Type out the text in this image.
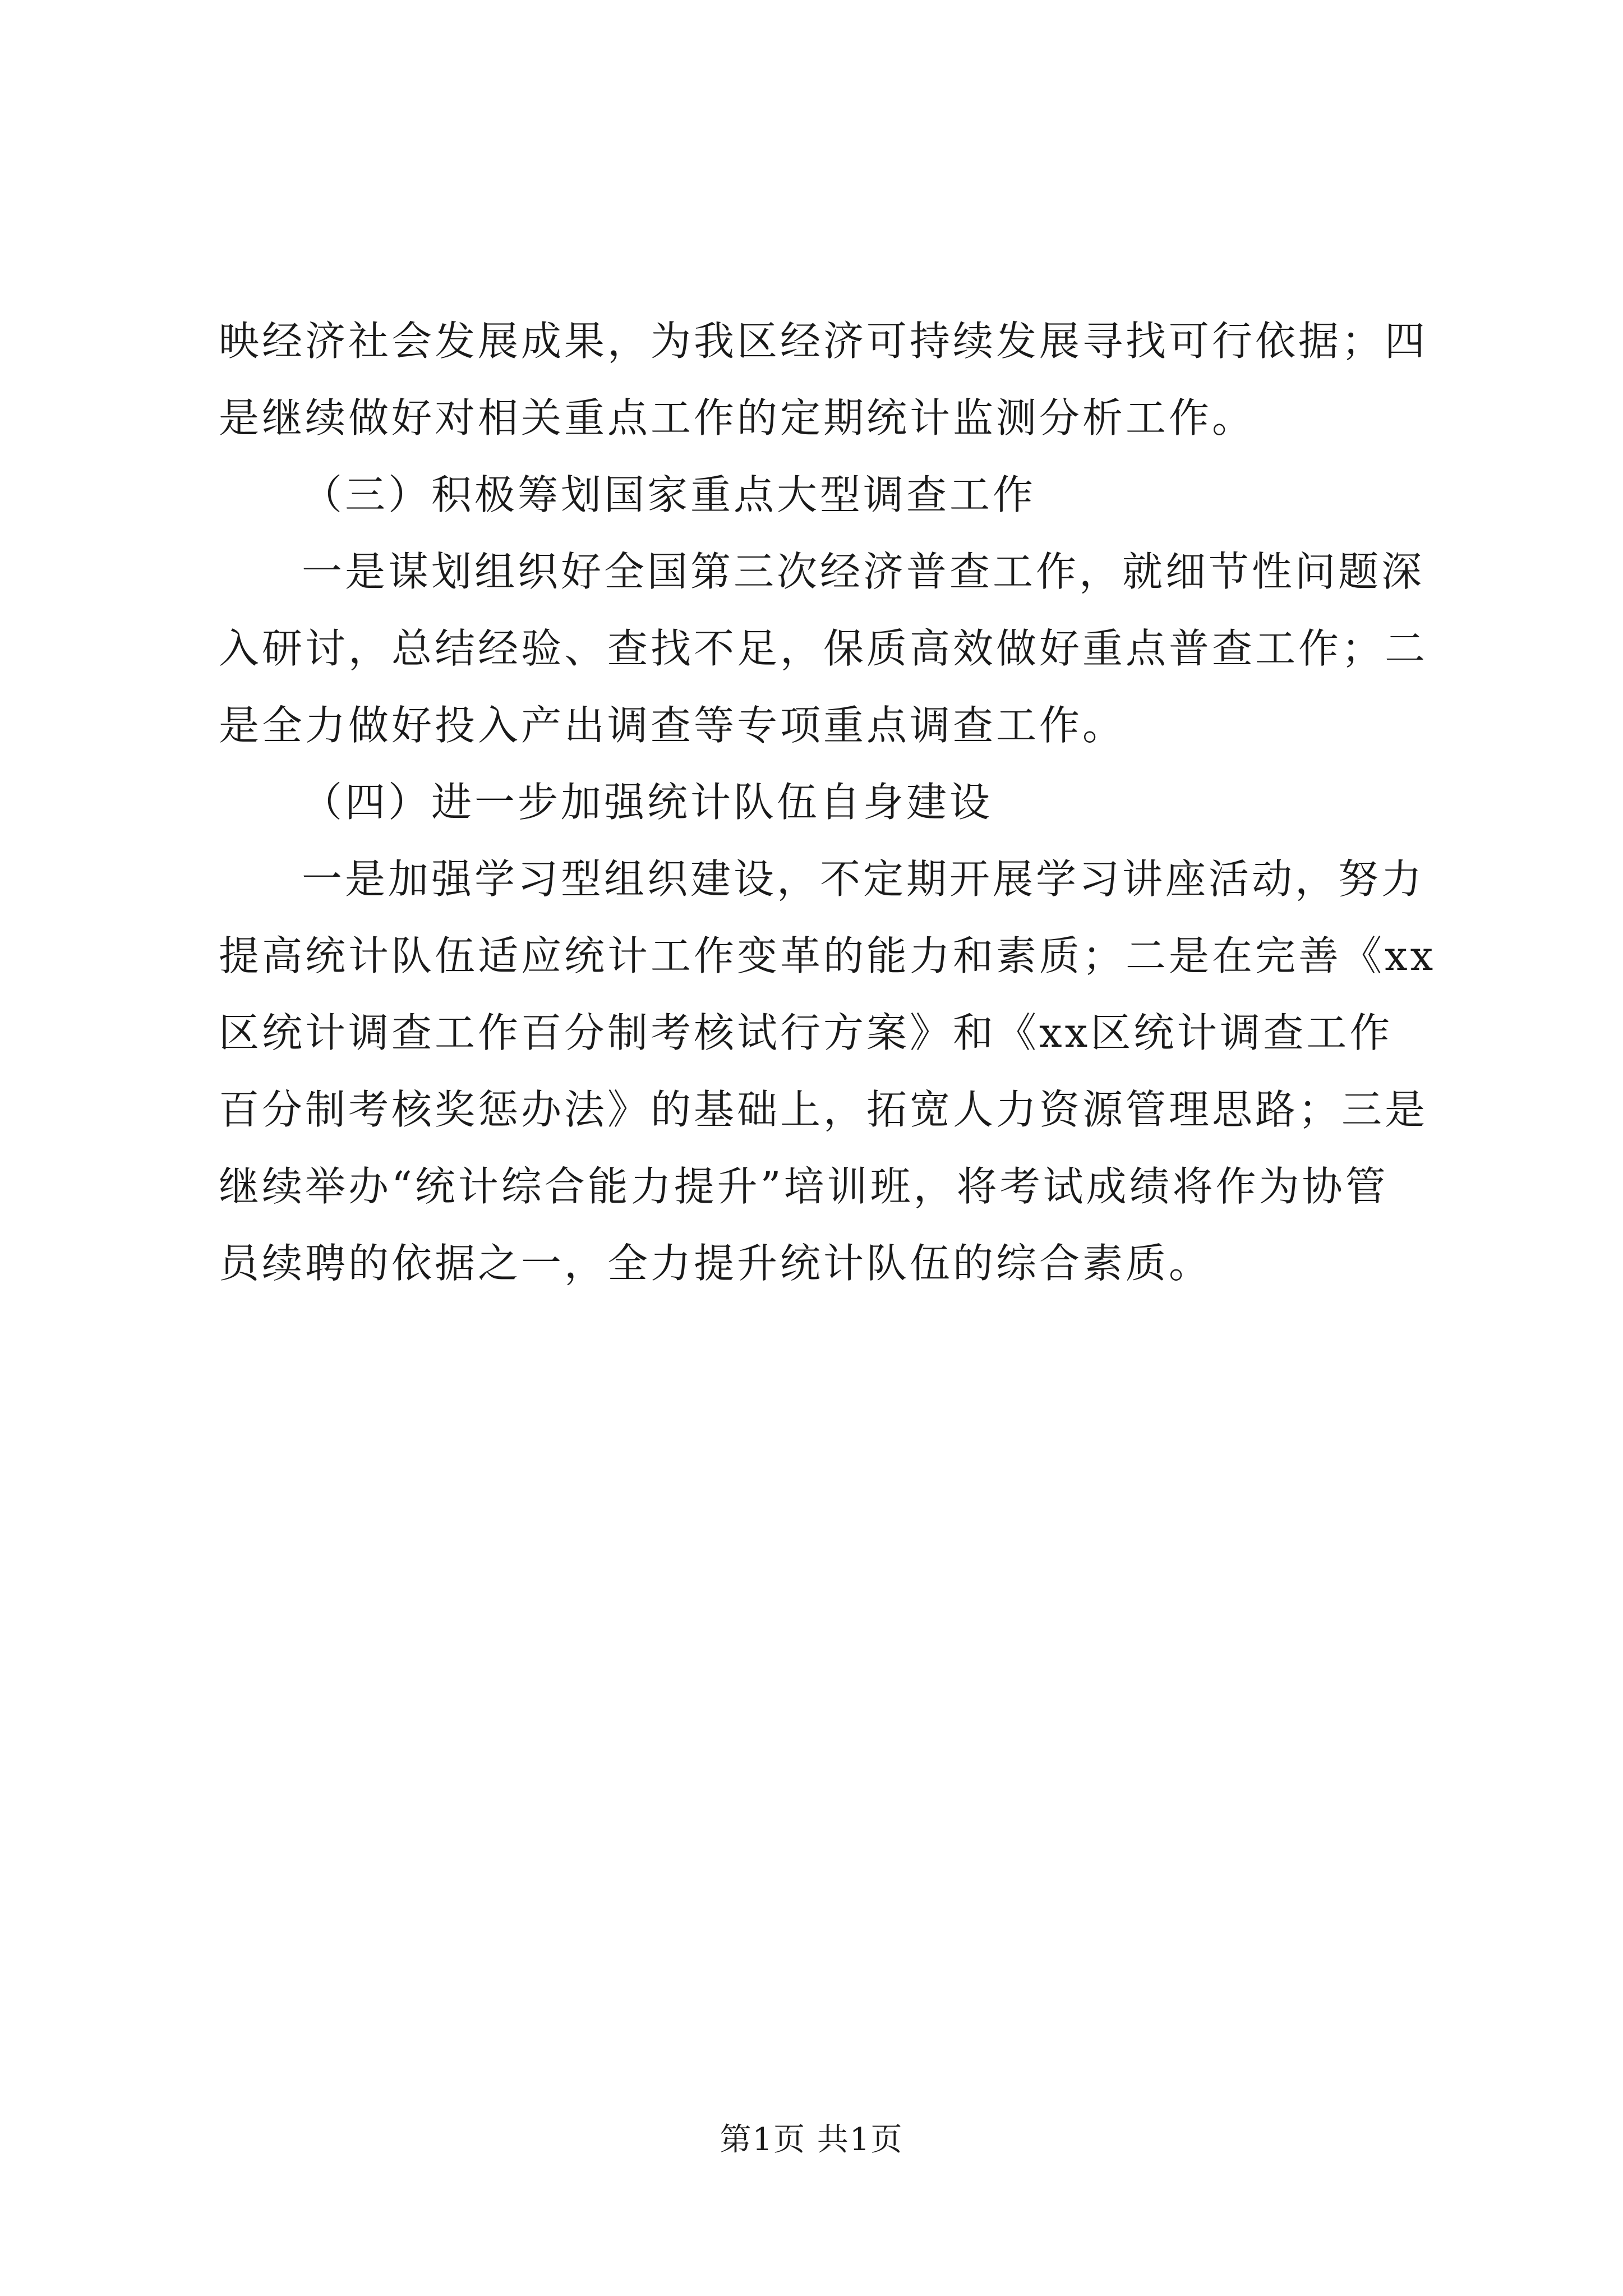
映经济社会发展成果，为我区经济可持续发展寻找可行依据；四
是继续做好对相关重点工作的定期统计监测分析工作。
（三）积极筹划国家重点大型调查工作
一是谋划组织好全国第三次经济普查工作，就细节性问题深
入研讨，总结经验、查找不足，保质高效做好重点普查工作；二
是全力做好投入产出调查等专项重点调查工作。
（四）进一步加强统计队伍自身建设
一是加强学习型组织建设，不定期开展学习讲座活动，努力
提高统计队伍适应统计工作变革的能力和素质；二是在完善《xx
区统计调查工作百分制考核试行方案》和《xx区统计调查工作
百分制考核奖惩办法》的基础上，拓宽人力资源管理思路；三是
继续举办“统计综合能力提升”培训班，将考试成绩将作为协管
员续聘的依据之一，全力提升统计队伍的综合素质。
第1页 共1页
